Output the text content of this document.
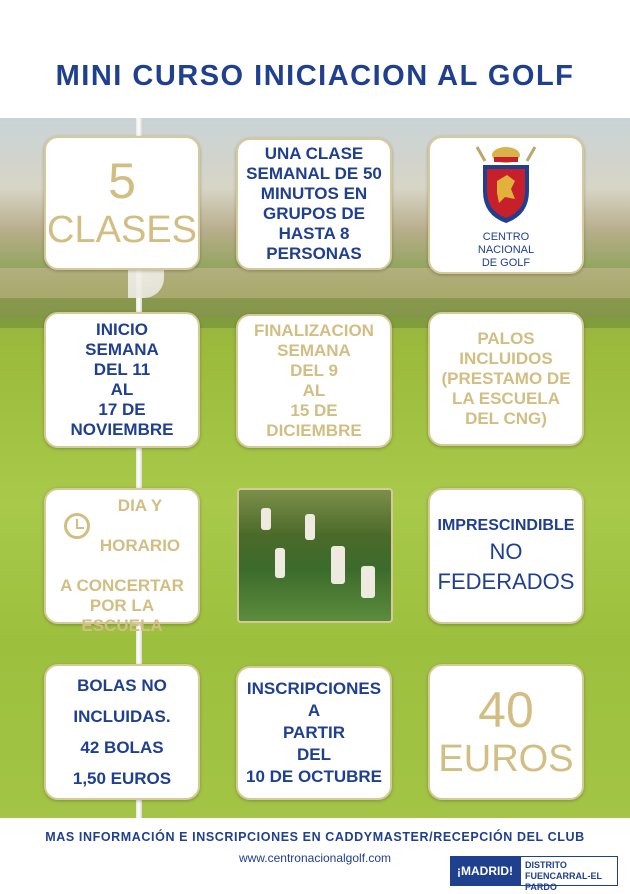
MINI CURSO INICIACION AL GOLF
5
CLASES
UNA CLASE
SEMANAL DE 50
MINUTOS EN
GRUPOS DE
HASTA 8
PERSONAS
CENTRO
NACIONAL
DE GOLF
INICIO
SEMANA
DEL 11
AL
17 DE
NOVIEMBRE
FINALIZACION
SEMANA
DEL 9
AL
15 DE
DICIEMBRE
PALOS
INCLUIDOS
(PRESTAMO DE
LA ESCUELA
DEL CNG)

DIA Y

HORARIO

A CONCERTAR
POR LA
ESCUELA
IMPRESCINDIBLE
NO
FEDERADOS
BOLAS NO
INCLUIDAS.
42 BOLAS
1,50 EUROS
INSCRIPCIONES
A
PARTIR
DEL
10 DE OCTUBRE
40
EUROS
MAS INFORMACIÓN E INSCRIPCIONES EN CADDYMASTER/RECEPCIÓN DEL CLUB
www.centronacionalgolf.com
¡MADRID!	DISTRITO
FUENCARRAL-EL PARDO
